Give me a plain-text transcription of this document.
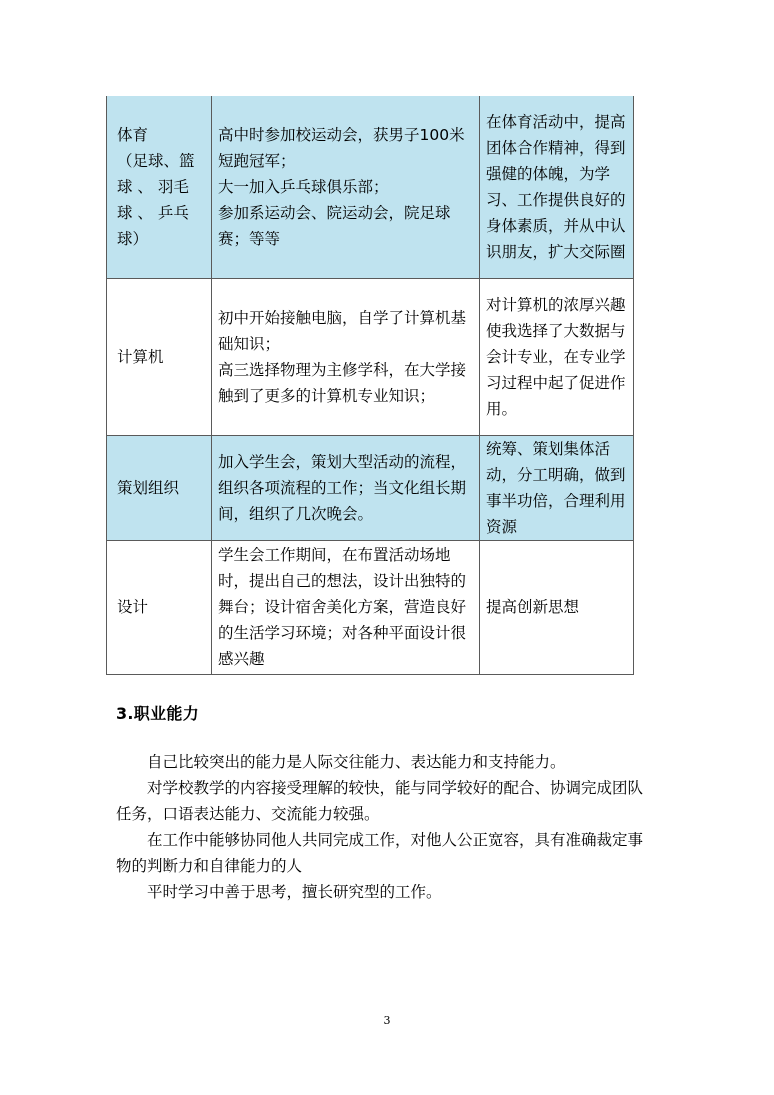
体育
（足球、篮
球 、 羽毛
球 、 乒乓
球）	高中时参加校运动会，获男子100米短跑冠军；
大一加入乒乓球俱乐部；
参加系运动会、院运动会，院足球赛；等等	在体育活动中，提高团体合作精神，得到强健的体魄，为学习、工作提供良好的身体素质，并从中认识朋友，扩大交际圈
计算机	初中开始接触电脑，自学了计算机基础知识；
高三选择物理为主修学科，在大学接触到了更多的计算机专业知识；	对计算机的浓厚兴趣使我选择了大数据与会计专业，在专业学习过程中起了促进作用。
策划组织	加入学生会，策划大型活动的流程，组织各项流程的工作；当文化组长期间，组织了几次晚会。	统筹、策划集体活动，分工明确，做到事半功倍，合理利用资源
设计	学生会工作期间，在布置活动场地时，提出自己的想法，设计出独特的舞台；设计宿舍美化方案，营造良好的生活学习环境；对各种平面设计很感兴趣	提高创新思想
3.职业能力

自己比较突出的能力是人际交往能力、表达能力和支持能力。

对学校教学的内容接受理解的较快，能与同学较好的配合、协调完成团队任务，口语表达能力、交流能力较强。

在工作中能够协同他人共同完成工作，对他人公正宽容，具有准确裁定事物的判断力和自律能力的人

平时学习中善于思考，擅长研究型的工作。

3
